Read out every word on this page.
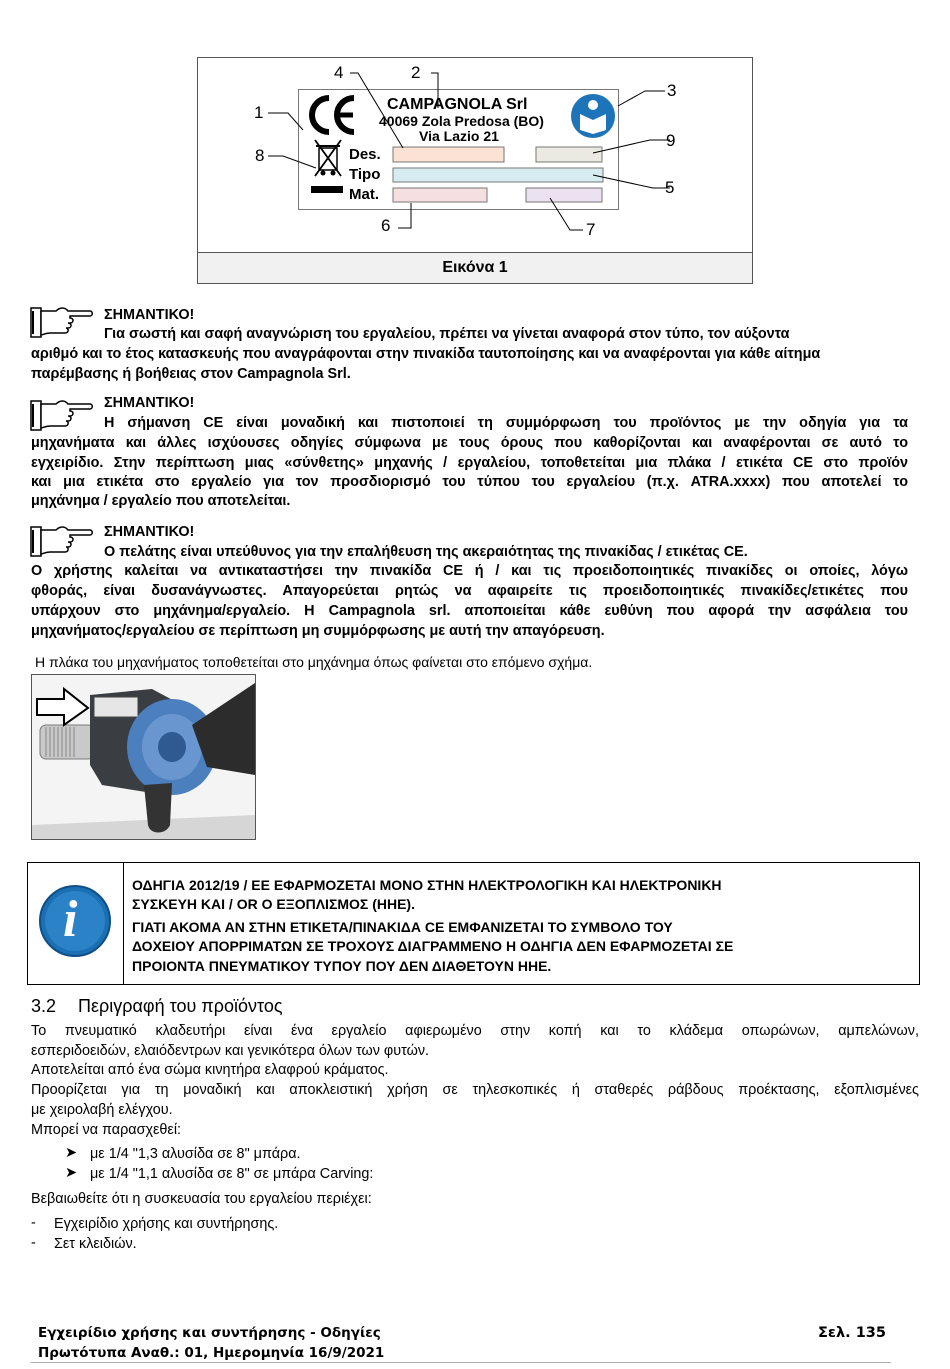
CAMPAGNOLA Srl
40069 Zola Predosa (BO)
Via Lazio 21
Des.
Tipo
Mat.
1
2
3
4
5
6	7
8
9
Εικόνα 1
ΣΗΜΑΝΤΙΚΟ!
Για σωστή και σαφή αναγνώριση του εργαλείου, πρέπει να γίνεται αναφορά στον τύπο, τον αύξοντα
αριθμό και το έτος κατασκευής που αναγράφονται στην πινακίδα ταυτοποίησης και να αναφέρονται για κάθε αίτημα
παρέμβασης ή βοήθειας στον Campagnola Srl.
ΣΗΜΑΝΤΙΚΟ!
Η σήμανση CE είναι μοναδική και πιστοποιεί τη συμμόρφωση του προϊόντος με την οδηγία για τα
μηχανήματα και άλλες ισχύουσες οδηγίες σύμφωνα με τους όρους που καθορίζονται και αναφέρονται σε αυτό το
εγχειρίδιο. Στην περίπτωση μιας «σύνθετης» μηχανής / εργαλείου, τοποθετείται μια πλάκα / ετικέτα CE στο προϊόν
και μια ετικέτα στο εργαλείο για τον προσδιορισμό του τύπου του εργαλείου (π.χ. ATRA.xxxx) που αποτελεί το
μηχάνημα / εργαλείο που αποτελείται.
ΣΗΜΑΝΤΙΚΟ!
Ο πελάτης είναι υπεύθυνος για την επαλήθευση της ακεραιότητας της πινακίδας / ετικέτας CE.
Ο χρήστης καλείται να αντικαταστήσει την πινακίδα CE ή / και τις προειδοποιητικές πινακίδες οι οποίες, λόγω
φθοράς, είναι δυσανάγνωστες. Απαγορεύεται ρητώς να αφαιρείτε τις προειδοποιητικές πινακίδες/ετικέτες που
υπάρχουν στο μηχάνημα/εργαλείο. Η Campagnola srl. αποποιείται κάθε ευθύνη που αφορά την ασφάλεια του
μηχανήματος/εργαλείου σε περίπτωση μη συμμόρφωσης με αυτή την απαγόρευση.
Η πλάκα του μηχανήματος τοποθετείται στο μηχάνημα όπως φαίνεται στο επόμενο σχήμα.
i
ΟΔΗΓΙΑ 2012/19 / ΕΕ ΕΦΑΡΜΟΖΕΤΑΙ ΜΟΝΟ ΣΤΗΝ ΗΛΕΚΤΡΟΛΟΓΙΚΗ ΚΑΙ ΗΛΕΚΤΡΟΝΙΚΗ
ΣΥΣΚΕΥΗ ΚΑΙ / OR Ο ΕΞΟΠΛΙΣΜΟΣ (ΗΗΕ).
ΓΙΑΤΙ ΑΚΟΜΑ ΑΝ ΣΤΗΝ ΕΤΙΚΕΤΑ/ΠΙΝΑΚΙΔΑ CE ΕΜΦΑΝΙΖΕΤΑΙ ΤΟ ΣΥΜΒΟΛΟ ΤΟΥ
ΔΟΧΕΙΟΥ ΑΠΟΡΡΙΜΑΤΩΝ ΣΕ ΤΡΟΧΟΥΣ ΔΙΑΓΡΑΜΜΕΝΟ Η ΟΔΗΓΙΑ ΔΕΝ ΕΦΑΡΜΟΖΕΤΑΙ ΣΕ
ΠΡΟΙΟΝΤΑ ΠΝΕΥΜΑΤΙΚΟΥ ΤΥΠΟΥ ΠΟΥ ΔΕΝ ΔΙΑΘΕΤΟΥΝ ΗΗΕ.
3.2 Περιγραφή του προϊόντος
Το πνευματικό κλαδευτήρι είναι ένα εργαλείο αφιερωμένο στην κοπή και το κλάδεμα οπωρώνων, αμπελώνων,
εσπεριδοειδών, ελαιόδεντρων και γενικότερα όλων των φυτών.
Αποτελείται από ένα σώμα κινητήρα ελαφρού κράματος.
Προορίζεται για τη μοναδική και αποκλειστική χρήση σε τηλεσκοπικές ή σταθερές ράβδους προέκτασης, εξοπλισμένες
με χειρολαβή ελέγχου.
Μπορεί να παρασχεθεί:
➤ με 1/4 "1,3 αλυσίδα σε 8" μπάρα.
➤ με 1/4 "1,1 αλυσίδα σε 8" σε μπάρα Carving:
Βεβαιωθείτε ότι η συσκευασία του εργαλείου περιέχει:
- Εγχειρίδιο χρήσης και συντήρησης.
- Σετ κλειδιών.
Εγχειρίδιο χρήσης και συντήρησης - Οδηγίες
Πρωτότυπα Αναθ.: 01, Ημερομηνία 16/9/2021
Σελ. 135
